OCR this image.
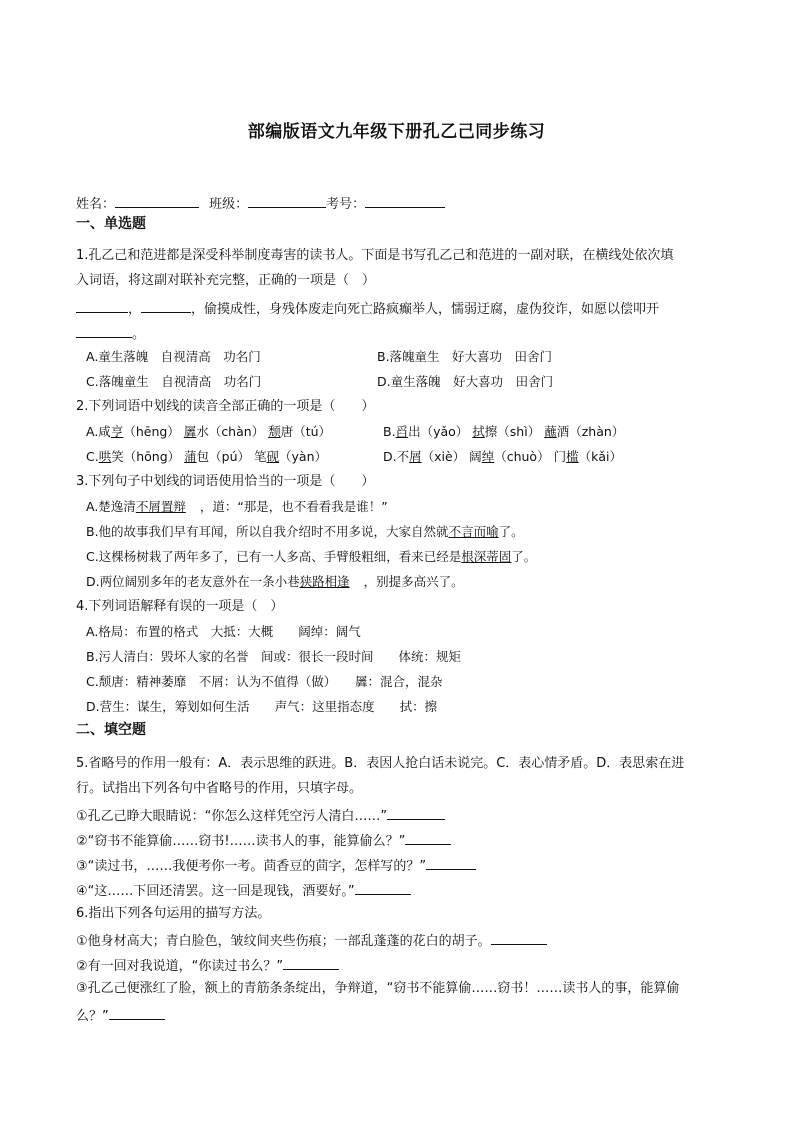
部编版语文九年级下册孔乙己同步练习
姓名：	班级：	考号：
一、单选题
1.孔乙己和范进都是深受科举制度毒害的读书人。下面是书写孔乙己和范进的一副对联，在横线处依次填
入词语，将这副对联补充完整，正确的一项是（　）
，	，偷摸成性，身残体废走向死亡路疯癫举人，懦弱迂腐，虚伪狡诈，如愿以偿叩开
。
A.童生落魄　自视清高　功名门	B.落魄童生　好大喜功　田舍门
C.落魄童生　自视清高　功名门	D.童生落魄　好大喜功　田舍门
2.下列词语中划线的读音全部正确的一项是（　　）
A.咸亨（hēng） 羼水（chàn） 颓唐（tú）	B.舀出（yǎo） 拭擦（shì） 蘸酒（zhàn）
C.哄笑（hōng） 蒲包（pú） 笔砚（yàn）	D.不屑（xiè） 阔绰（chuò） 门槛（kǎi）
3.下列句子中划线的词语使用恰当的一项是（　　）
A.楚逸清不屑置辩 ，道：“那是，也不看看我是谁！”
B.他的故事我们早有耳闻，所以自我介绍时不用多说，大家自然就不言而喻了。
C.这棵杨树栽了两年多了，已有一人多高、手臂般粗细，看来已经是根深蒂固了。
D.两位阔别多年的老友意外在一条小巷狭路相逢 ，别提多高兴了。
4.下列词语解释有误的一项是（　）
A.格局：布置的格式　大抵：大概　　阔绰：阔气
B.污人清白：毁坏人家的名誉　间或：很长一段时间　　体统：规矩
C.颓唐：精神萎靡　不屑：认为不值得（做）　　羼：混合，混杂
D.营生：谋生，筹划如何生活　　声气：这里指态度　　拭：擦
二、填空题
5.省略号的作用一般有：A．表示思维的跃进。B．表因人抢白话未说完。C．表心情矛盾。D．表思索在进
行。试指出下列各句中省略号的作用，只填字母。
①孔乙己睁大眼睛说：“你怎么这样凭空污人清白……”
②“窃书不能算偷……窃书!……读书人的事，能算偷么？”
③“读过书，……我便考你一考。茴香豆的茴字，怎样写的？”
④“这……下回还清罢。这一回是现钱，酒要好。”
6.指出下列各句运用的描写方法。
①他身材高大；青白脸色，皱纹间夹些伤痕；一部乱蓬蓬的花白的胡子。
②有一回对我说道，“你读过书么？”
③孔乙己便涨红了脸，额上的青筋条条绽出，争辩道，“窃书不能算偷……窃书！……读书人的事，能算偷
么？”
